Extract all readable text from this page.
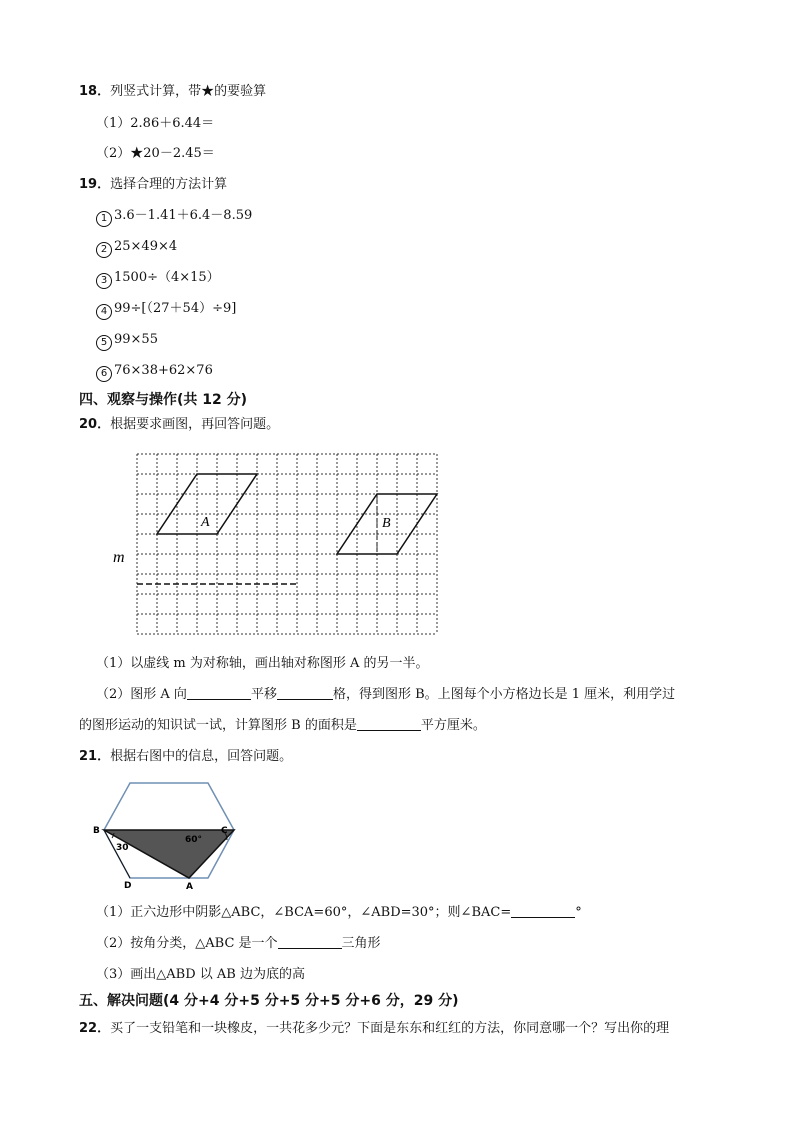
18．列竖式计算，带★的要验算
（1）2.86＋6.44＝
（2）★20－2.45＝
19．选择合理的方法计算
1 3.6－1.41＋6.4－8.59
2 25×49×4
3 1500÷（4×15）
4 99÷[（27＋54）÷9]
5 99×55
6 76×38+62×76
四、观察与操作(共 12 分)
20．根据要求画图，再回答问题。
A	B
m
（1）以虚线 m 为对称轴，画出轴对称图形 A 的另一半。
（2）图形 A 向	平移	格，得到图形 B。上图每个小方格边长是 1 厘米，利用学过
的图形运动的知识试一试，计算图形 B 的面积是	平方厘米。
21．根据右图中的信息，回答问题。
B	C
D	A
60°
30
（1）正六边形中阴影△ABC，∠BCA=60°，∠ABD=30°；则∠BAC=	°
（2）按角分类，△ABC 是一个	三角形
（3）画出△ABD 以 AB 边为底的高
五、解决问题(4 分+4 分+5 分+5 分+5 分+6 分，29 分)
22．买了一支铅笔和一块橡皮，一共花多少元？下面是东东和红红的方法，你同意哪一个？写出你的理
